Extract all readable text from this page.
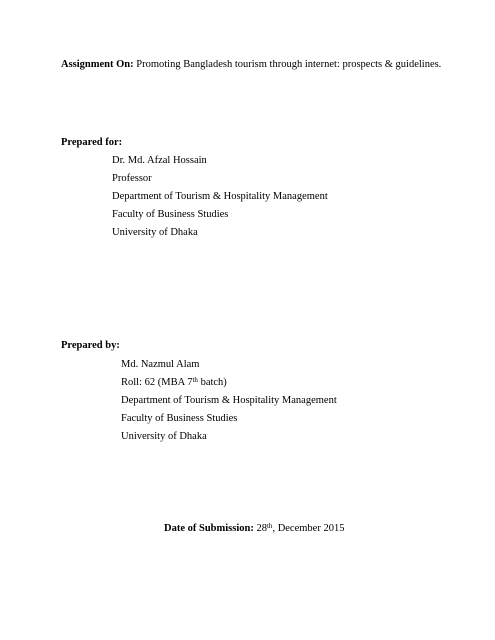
Assignment On: Promoting Bangladesh tourism through internet: prospects & guidelines.
Prepared for:
Dr. Md. Afzal Hossain
Professor
Department of Tourism & Hospitality Management
Faculty of Business Studies
University of Dhaka
Prepared by:
Md. Nazmul Alam
Roll: 62 (MBA 7th batch)
Department of Tourism & Hospitality Management
Faculty of Business Studies
University of Dhaka
Date of Submission: 28th, December 2015
